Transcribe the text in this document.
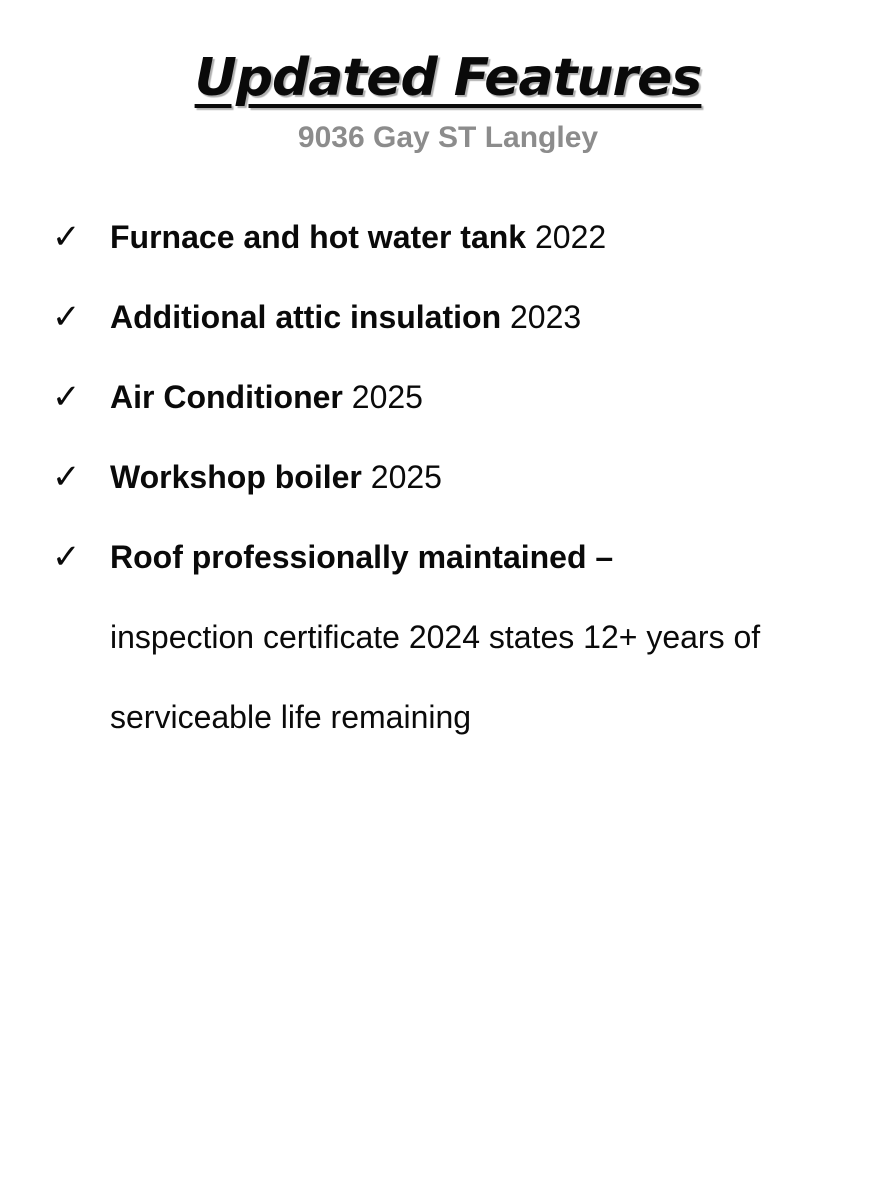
Updated Features
9036 Gay ST Langley
✓ Furnace and hot water tank 2022
✓ Additional attic insulation 2023
✓ Air Conditioner 2025
✓ Workshop boiler 2025
✓ Roof professionally maintained –
inspection certificate 2024 states 12+ years of
serviceable life remaining
